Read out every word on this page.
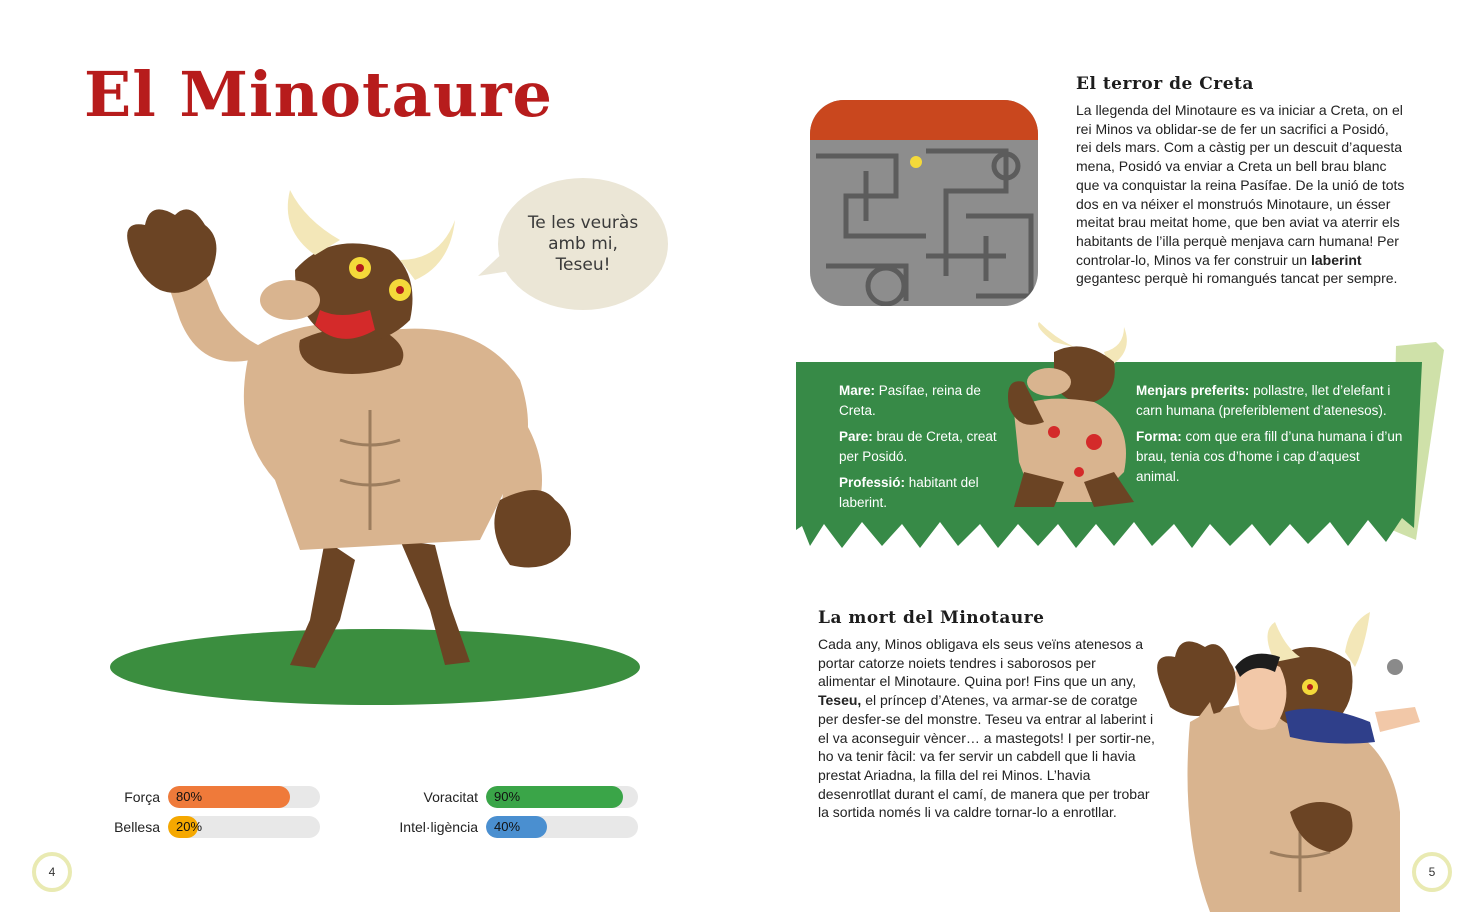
El Minotaure
Te les veuràs amb mi, Teseu!
Força	80%
Bellesa	20%
Voracitat	90%
Intel·ligència	40%
4
El terror de Creta
La llegenda del Minotaure es va iniciar a Creta, on el rei Minos va oblidar-se de fer un sacrifici a Posidó, rei dels mars. Com a càstig per un descuit d’aquesta mena, Posidó va enviar a Creta un bell brau blanc que va conquistar la reina Pasífae. De la unió de tots dos en va néixer el monstruós Minotaure, un ésser meitat brau meitat home, que ben aviat va aterrir els habitants de l’illa perquè menjava carn humana! Per controlar-lo, Minos va fer construir un laberint gegantesc perquè hi romangués tancat per sempre.
Mare: Pasífae, reina de Creta.
Pare: brau de Creta, creat per Posidó.
Professió: habitant del laberint.
Menjars preferits: pollastre, llet d’elefant i carn humana (preferiblement d’atenesos).
Forma: com que era fill d’una humana i d’un brau, tenia cos d’home i cap d’aquest animal.
La mort del Minotaure
Cada any, Minos obligava els seus veïns atenesos a portar catorze noiets tendres i saborosos per alimentar el Minotaure. Quina por! Fins que un any, Teseu, el príncep d’Atenes, va armar-se de coratge per desfer-se del monstre. Teseu va entrar al laberint i el va aconseguir vèncer… a mastegots! I per sortir-ne, ho va tenir fàcil: va fer servir un cabdell que li havia prestat Ariadna, la filla del rei Minos. L’havia desenrotllat durant el camí, de manera que per trobar la sortida només li va caldre tornar-lo a enrotllar.
5
